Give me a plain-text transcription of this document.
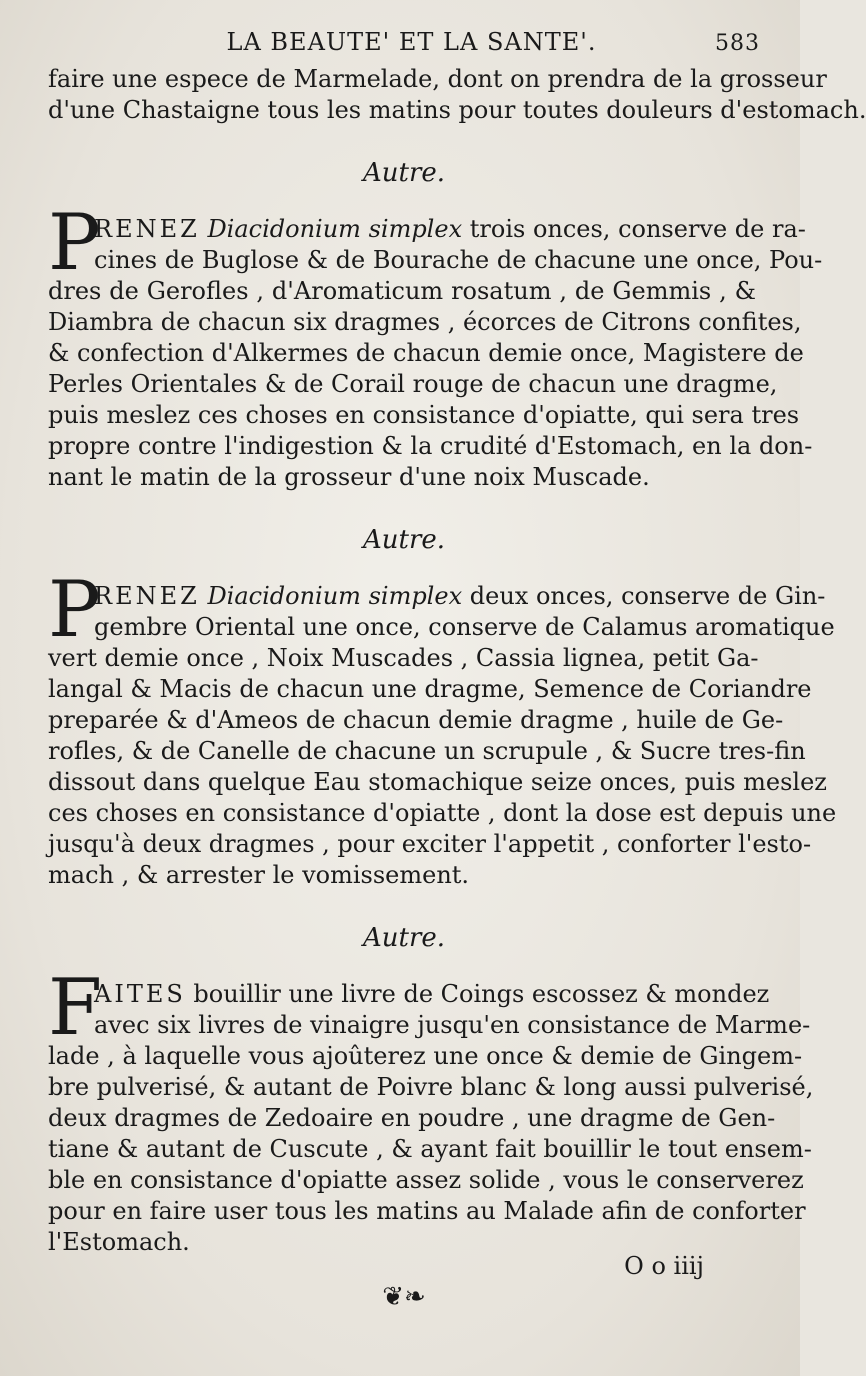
LA BEAUTE' ET LA SANTE'.	583
faire une espece de Marmelade, dont on prendra de la grosseur
d'une Chastaigne tous les matins pour toutes douleurs d'estomach.
Autre.
P
RENEZ Diacidonium simplex trois onces, conserve de ra-
cines de Buglose & de Bourache de chacune une once, Pou-
dres de Gerofles , d'Aromaticum rosatum , de Gemmis , &
Diambra de chacun six dragmes , écorces de Citrons confites,
& confection d'Alkermes de chacun demie once, Magistere de
Perles Orientales & de Corail rouge de chacun une dragme,
puis meslez ces choses en consistance d'opiatte, qui sera tres
propre contre l'indigestion & la crudité d'Estomach, en la don-
nant le matin de la grosseur d'une noix Muscade.
Autre.
P
RENEZ Diacidonium simplex deux onces, conserve de Gin-
gembre Oriental une once, conserve de Calamus aromatique
vert demie once , Noix Muscades , Cassia lignea, petit Ga-
langal & Macis de chacun une dragme, Semence de Coriandre
preparée & d'Ameos de chacun demie dragme , huile de Ge-
rofles, & de Canelle de chacune un scrupule , & Sucre tres-fin
dissout dans quelque Eau stomachique seize onces, puis meslez
ces choses en consistance d'opiatte , dont la dose est depuis une
jusqu'à deux dragmes , pour exciter l'appetit , conforter l'esto-
mach , & arrester le vomissement.
Autre.
F
AITES bouillir une livre de Coings escossez & mondez
avec six livres de vinaigre jusqu'en consistance de Marme-
lade , à laquelle vous ajoûterez une once & demie de Gingem-
bre pulverisé, & autant de Poivre blanc & long aussi pulverisé,
deux dragmes de Zedoaire en poudre , une dragme de Gen-
tiane & autant de Cuscute , & ayant fait bouillir le tout ensem-
ble en consistance d'opiatte assez solide , vous le conserverez
pour en faire user tous les matins au Malade afin de conforter
l'Estomach.
❦❧
O o iiij
